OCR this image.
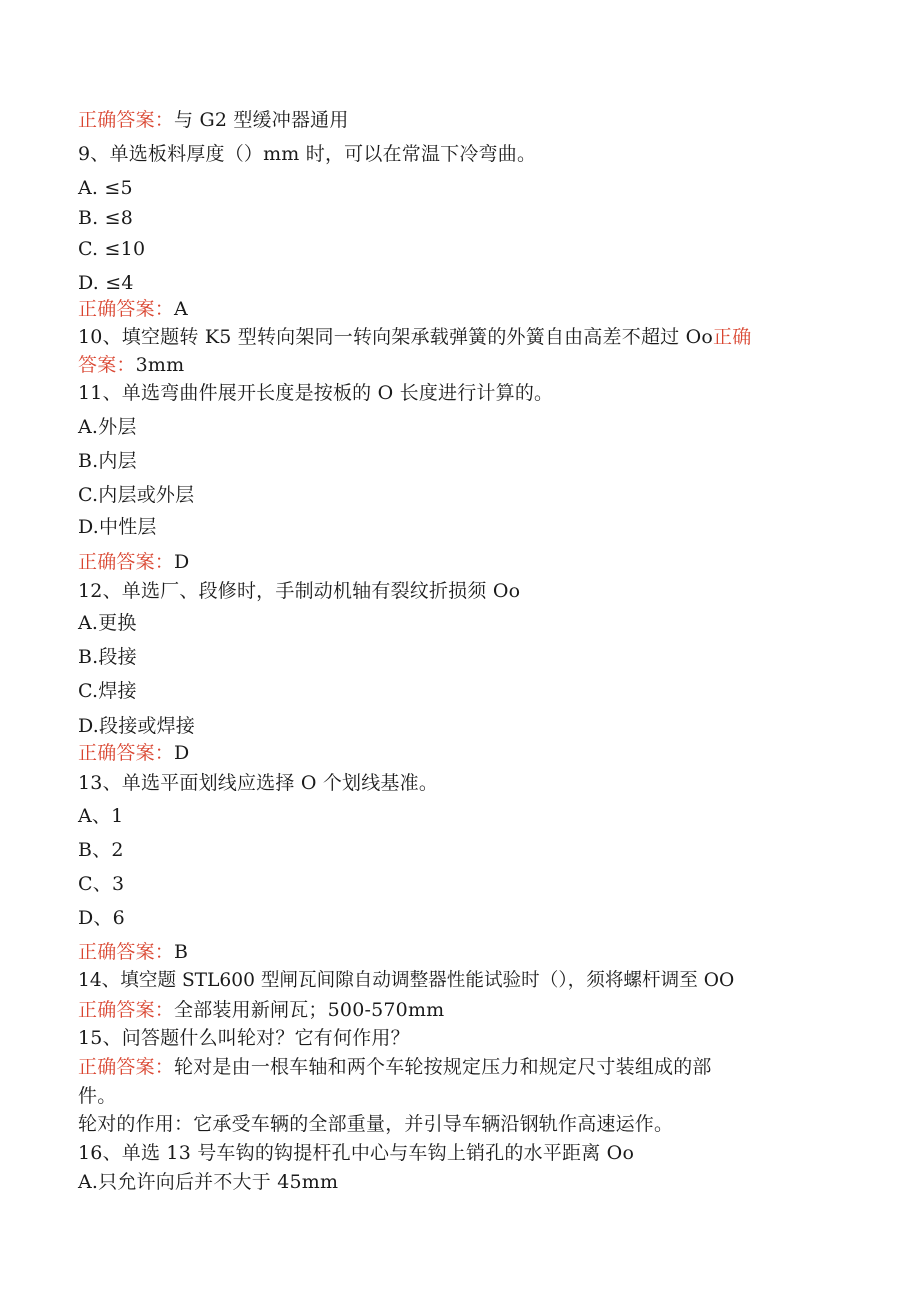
正确答案：与 G2 型缓冲器通用
9、单选板料厚度（）mm 时，可以在常温下冷弯曲。
A. ≤5
B. ≤8
C. ≤10
D. ≤4
正确答案：A
10、填空题转 K5 型转向架同一转向架承载弹簧的外簧自由高差不超过 Oo正确
答案：3mm
11、单选弯曲件展开长度是按板的 O 长度进行计算的。
A.外层
B.内层
C.内层或外层
D.中性层
正确答案：D
12、单选厂、段修时，手制动机轴有裂纹折损须 Oo
A.更换
B.段接
C.焊接
D.段接或焊接
正确答案：D
13、单选平面划线应选择 O 个划线基准。
A、1
B、2
C、3
D、6
正确答案：B
14、填空题 STL600 型闸瓦间隙自动调整器性能试验时（），须将螺杆调至 OO
正确答案：全部装用新闸瓦；500-570mm
15、问答题什么叫轮对？它有何作用？
正确答案：轮对是由一根车轴和两个车轮按规定压力和规定尺寸装组成的部
件。
轮对的作用：它承受车辆的全部重量，并引导车辆沿钢轨作高速运作。
16、单选 13 号车钩的钩提杆孔中心与车钩上销孔的水平距离 Oo
A.只允许向后并不大于 45mm
